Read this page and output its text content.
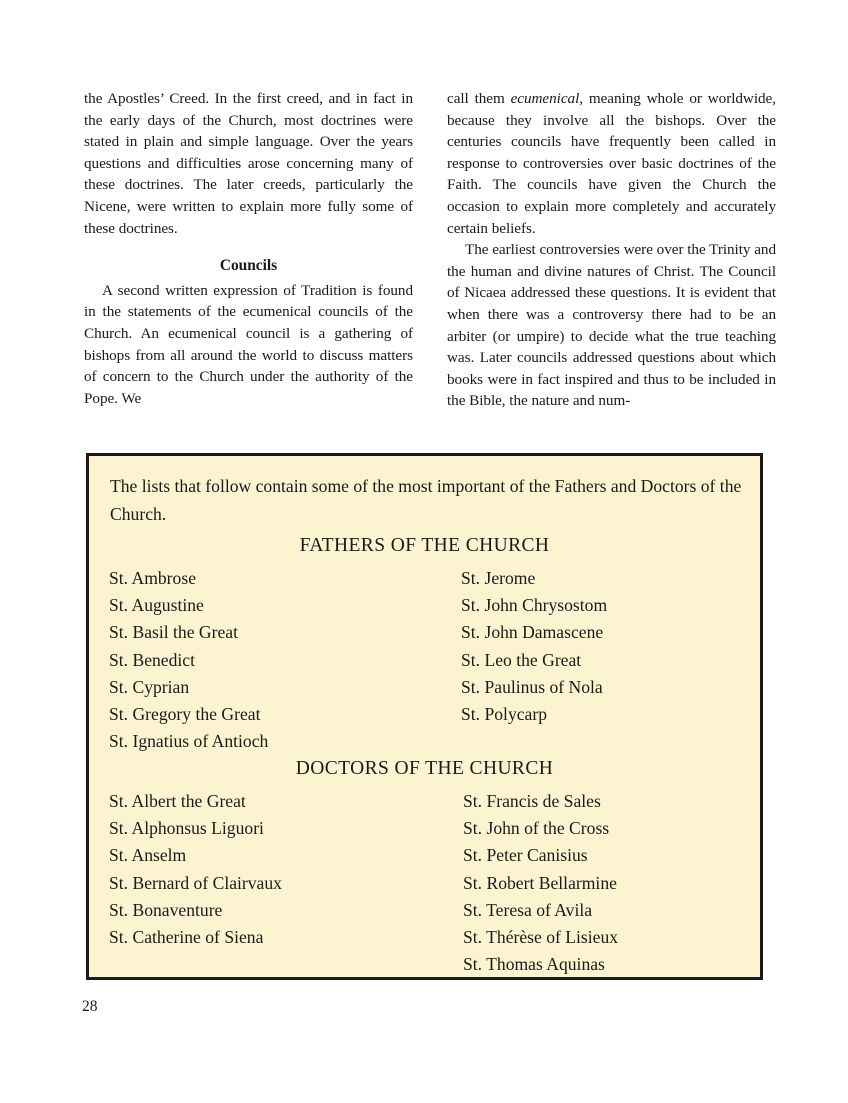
the Apostles’ Creed. In the first creed, and in fact in the early days of the Church, most doctrines were stated in plain and simple language. Over the years questions and difficulties arose concerning many of these doctrines. The later creeds, particularly the Nicene, were written to explain more fully some of these doctrines.

Councils

A second written expression of Tradition is found in the statements of the ecumenical councils of the Church. An ecumenical council is a gathering of bishops from all around the world to discuss matters of concern to the Church under the authority of the Pope. We

call them ecumenical, meaning whole or worldwide, because they involve all the bishops. Over the centuries councils have frequently been called in response to controversies over basic doctrines of the Faith. The councils have given the Church the occasion to explain more completely and accurately certain beliefs.

The earliest controversies were over the Trinity and the human and divine natures of Christ. The Council of Nicaea addressed these questions. It is evident that when there was a controversy there had to be an arbiter (or umpire) to decide what the true teaching was. Later councils addressed questions about which books were in fact inspired and thus to be included in the Bible, the nature and num-

The lists that follow contain some of the most important of the Fathers and Doctors of the Church.
FATHERS OF THE CHURCH
St. Ambrose
St. Augustine
St. Basil the Great
St. Benedict
St. Cyprian
St. Gregory the Great
St. Ignatius of Antioch
St. Jerome
St. John Chrysostom
St. John Damascene
St. Leo the Great
St. Paulinus of Nola
St. Polycarp
DOCTORS OF THE CHURCH
St. Albert the Great
St. Alphonsus Liguori
St. Anselm
St. Bernard of Clairvaux
St. Bonaventure
St. Catherine of Siena
St. Francis de Sales
St. John of the Cross
St. Peter Canisius
St. Robert Bellarmine
St. Teresa of Avila
St. Thérèse of Lisieux
St. Thomas Aquinas
28
